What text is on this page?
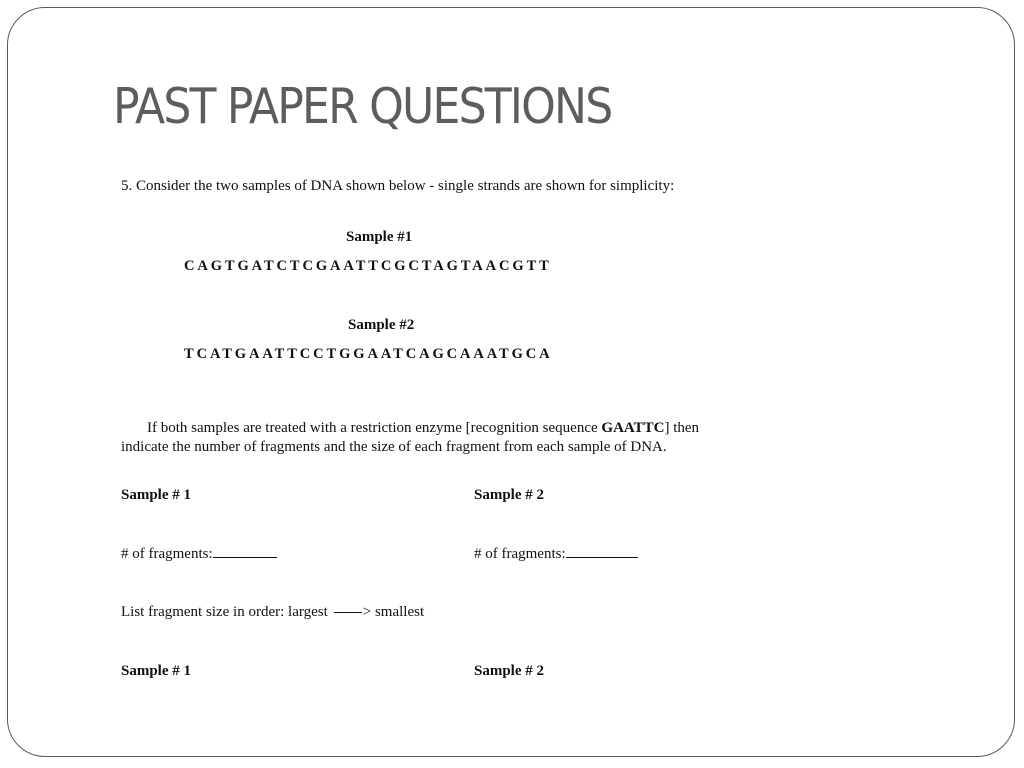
PAST PAPER QUESTIONS
5. Consider the two samples of DNA shown below - single strands are shown for simplicity:
Sample #1
CAGTGATCTCGAATTCGCTAGTAACGTT
Sample #2
TCATGAATTCCTGGAATCAGCAAATGCA
If both samples are treated with a restriction enzyme [recognition sequence GAATTC] then indicate the number of fragments and the size of each fragment from each sample of DNA.
Sample # 1	Sample # 2
# of fragments:	# of fragments:
List fragment size in order: largest > smallest
Sample # 1	Sample # 2
